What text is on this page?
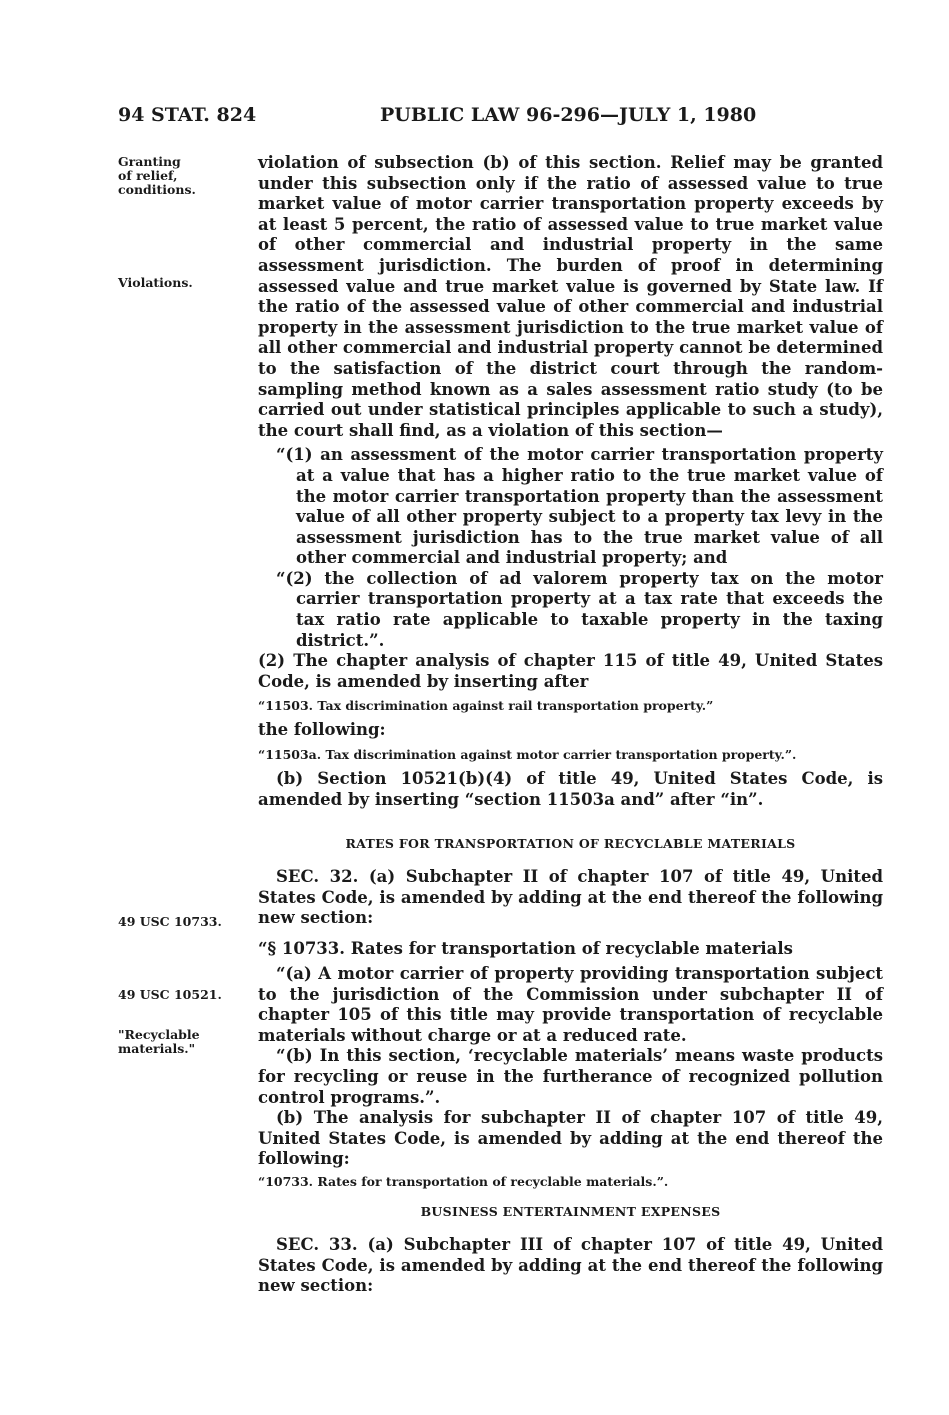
94 STAT. 824	PUBLIC LAW 96-296—JULY 1, 1980
Granting of relief, conditions.
Violations.
49 USC 10733.
49 USC 10521.
"Recyclable materials."

violation of subsection (b) of this section. Relief may be granted under this subsection only if the ratio of assessed value to true market value of motor carrier transportation property exceeds by at least 5 percent, the ratio of assessed value to true market value of other commercial and industrial property in the same assessment jurisdiction. The burden of proof in determining assessed value and true market value is governed by State law. If the ratio of the assessed value of other commercial and industrial property in the assessment jurisdiction to the true market value of all other commercial and industrial property cannot be determined to the satisfaction of the district court through the random-sampling method known as a sales assessment ratio study (to be carried out under statistical principles applicable to such a study), the court shall find, as a violation of this section—

“(1) an assessment of the motor carrier transportation property at a value that has a higher ratio to the true market value of the motor carrier transportation property than the assessment value of all other property subject to a property tax levy in the assessment jurisdiction has to the true market value of all other commercial and industrial property; and

“(2) the collection of ad valorem property tax on the motor carrier transportation property at a tax rate that exceeds the tax ratio rate applicable to taxable property in the taxing district.”.

(2) The chapter analysis of chapter 115 of title 49, United States Code, is amended by inserting after

“11503. Tax discrimination against rail transportation property.”

the following:

“11503a. Tax discrimination against motor carrier transportation property.”.

(b) Section 10521(b)(4) of title 49, United States Code, is amended by inserting “section 11503a and” after “in”.

RATES FOR TRANSPORTATION OF RECYCLABLE MATERIALS

SEC. 32. (a) Subchapter II of chapter 107 of title 49, United States Code, is amended by adding at the end thereof the following new section:

“§ 10733. Rates for transportation of recyclable materials

“(a) A motor carrier of property providing transportation subject to the jurisdiction of the Commission under subchapter II of chapter 105 of this title may provide transportation of recyclable materials without charge or at a reduced rate.

“(b) In this section, ‘recyclable materials’ means waste products for recycling or reuse in the furtherance of recognized pollution control programs.”.

(b) The analysis for subchapter II of chapter 107 of title 49, United States Code, is amended by adding at the end thereof the following:

“10733. Rates for transportation of recyclable materials.”.

BUSINESS ENTERTAINMENT EXPENSES

SEC. 33. (a) Subchapter III of chapter 107 of title 49, United States Code, is amended by adding at the end thereof the following new section:
